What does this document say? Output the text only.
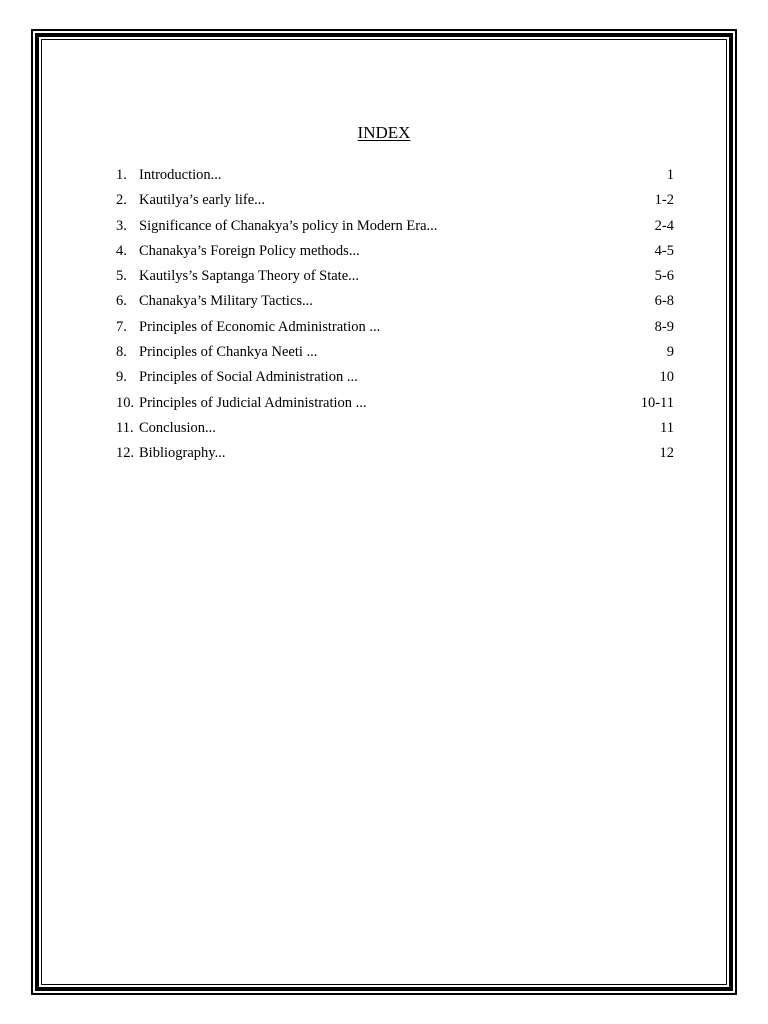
INDEX
1. Introduction...	1
2. Kautilya’s early life...	1-2
3. Significance of Chanakya’s policy in Modern Era...	2-4
4. Chanakya’s Foreign Policy methods...	4-5
5. Kautilys’s Saptanga Theory of State...	5-6
6. Chanakya’s Military Tactics...	6-8
7. Principles of Economic Administration ...	8-9
8. Principles of Chankya Neeti ...	9
9. Principles of Social Administration ...	10
10. Principles of Judicial Administration ...	10-11
11. Conclusion...	11
12. Bibliography...	12
